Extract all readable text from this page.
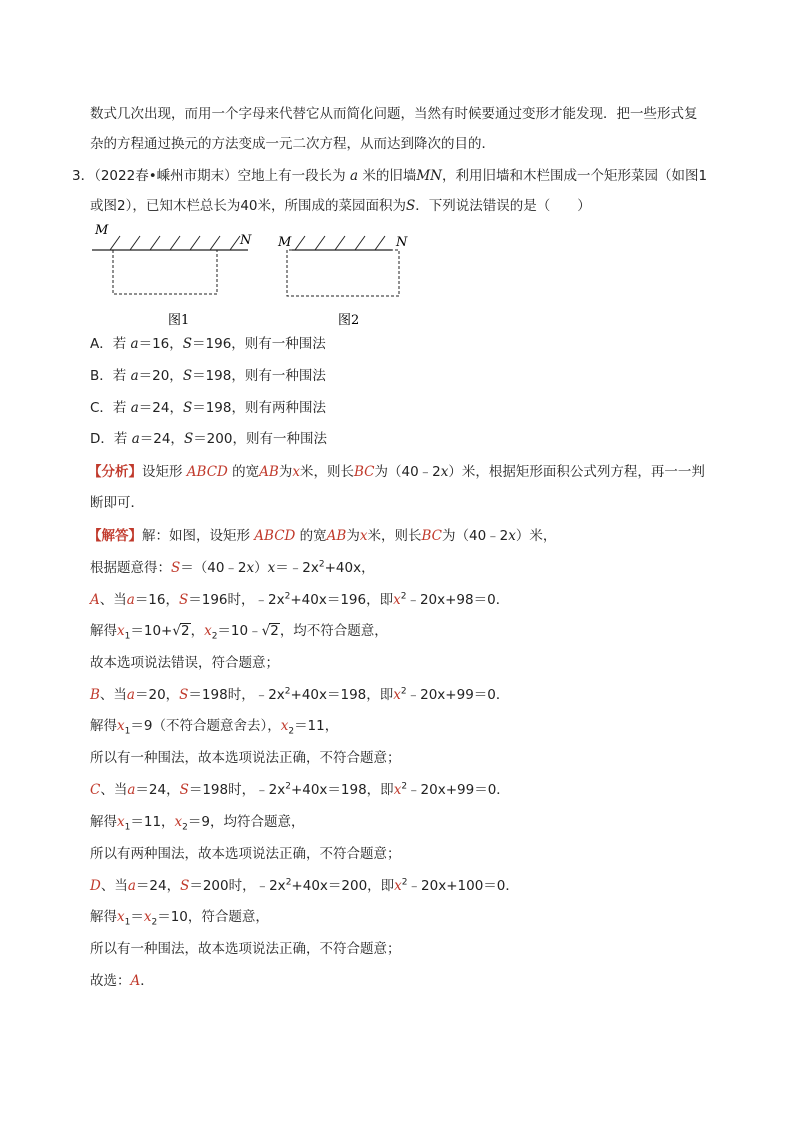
数式几次出现，而用一个字母来代替它从而简化问题，当然有时候要通过变形才能发现．把一些形式复
杂的方程通过换元的方法变成一元二次方程，从而达到降次的目的．
3．（2022春•嵊州市期末）空地上有一段长为 a 米的旧墙MN，利用旧墙和木栏围成一个矩形菜园（如图1
或图2），已知木栏总长为40米，所围成的菜园面积为S．下列说法错误的是（　　）
M
N
图1
M	N
图2
A．若 a＝16，S＝196，则有一种围法
B．若 a＝20，S＝198，则有一种围法
C．若 a＝24，S＝198，则有两种围法
D．若 a＝24，S＝200，则有一种围法
【分析】设矩形 ABCD 的宽AB为x米，则长BC为（40﹣2x）米，根据矩形面积公式列方程，再一一判
断即可．
【解答】解：如图，设矩形 ABCD 的宽AB为x米，则长BC为（40﹣2x）米，
根据题意得：$S=(40﹣2x)x=﹣2x^2+40x$，
A、当a＝16，S＝196时，$﹣2x^2+40x=196$，即$x^2﹣20x+98=0$．
解得$x_1=10+√2$，$x_2=10﹣√2$，均不符合题意，
故本选项说法错误，符合题意；
B、当a＝20，S＝198时，$﹣2x^2+40x=198$，即$x^2﹣20x+99=0$．
解得$x_1=9$（不符合题意舍去），$x_2=11$，
所以有一种围法，故本选项说法正确，不符合题意；
C、当a＝24，S＝198时，$﹣2x^2+40x=198$，即$x^2﹣20x+99=0$．
解得$x_1=11$，$x_2=9$，均符合题意，
所以有两种围法，故本选项说法正确，不符合题意；
D、当a＝24，S＝200时，$﹣2x^2+40x=200$，即$x^2﹣20x+100=0$．
解得$x_1=x_2=10$，符合题意，
所以有一种围法，故本选项说法正确，不符合题意；
故选：A．
